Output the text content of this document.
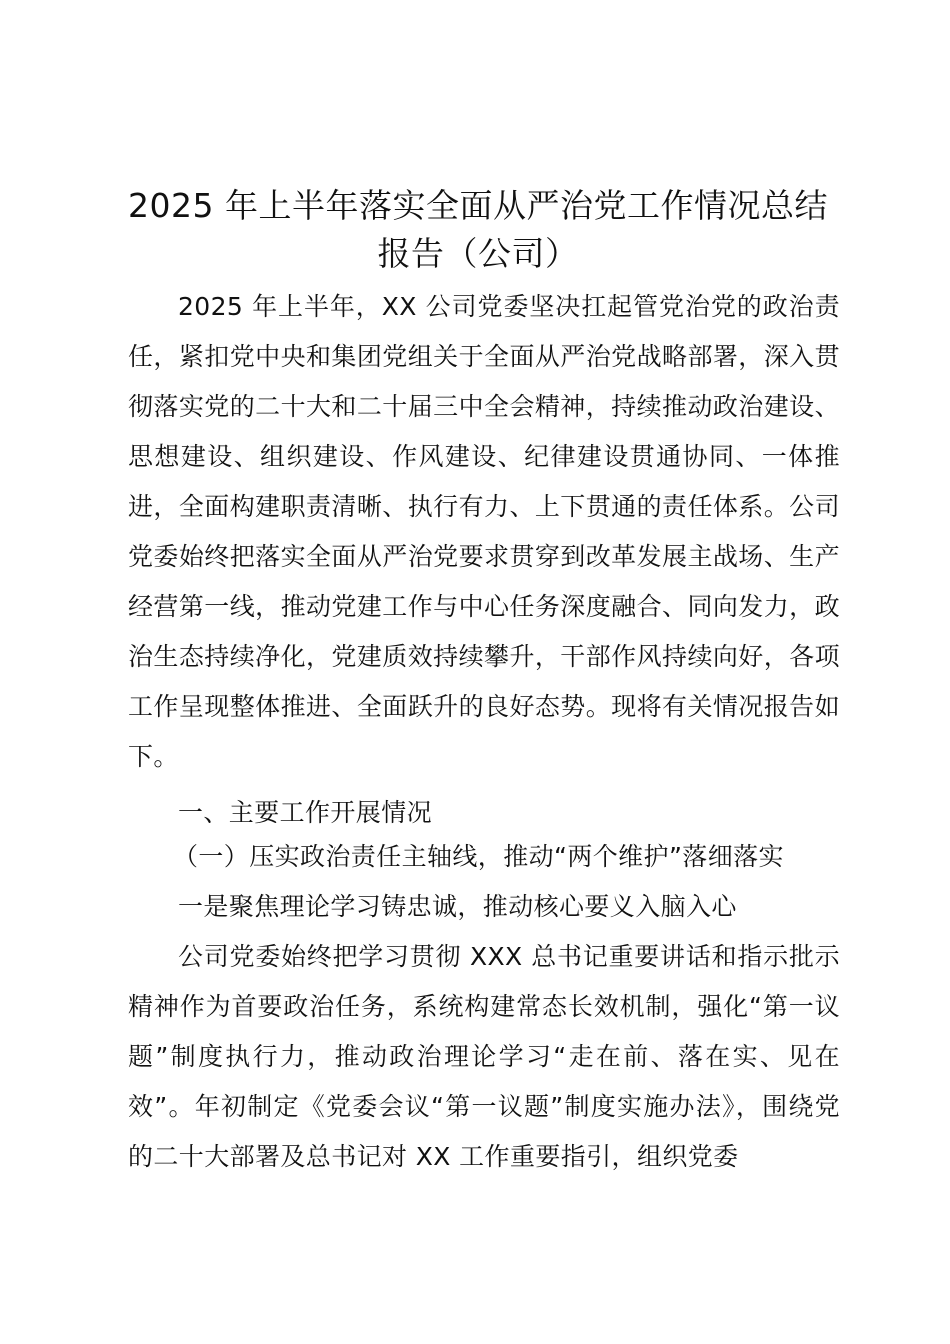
2025 年上半年落实全面从严治党工作情况总结报告（公司）

2025 年上半年，XX 公司党委坚决扛起管党治党的政治责任，紧扣党中央和集团党组关于全面从严治党战略部署，深入贯彻落实党的二十大和二十届三中全会精神，持续推动政治建设、思想建设、组织建设、作风建设、纪律建设贯通协同、一体推进，全面构建职责清晰、执行有力、上下贯通的责任体系。公司党委始终把落实全面从严治党要求贯穿到改革发展主战场、生产经营第一线，推动党建工作与中心任务深度融合、同向发力，政治生态持续净化，党建质效持续攀升，干部作风持续向好，各项工作呈现整体推进、全面跃升的良好态势。现将有关情况报告如下。

一、主要工作开展情况

（一）压实政治责任主轴线，推动“两个维护”落细落实

一是聚焦理论学习铸忠诚，推动核心要义入脑入心

公司党委始终把学习贯彻 XXX 总书记重要讲话和指示批示精神作为首要政治任务，系统构建常态长效机制，强化“第一议题”制度执行力，推动政治理论学习“走在前、落在实、见在效”。年初制定《党委会议“第一议题”制度实施办法》，围绕党的二十大部署及总书记对 XX 工作重要指引，组织党委
